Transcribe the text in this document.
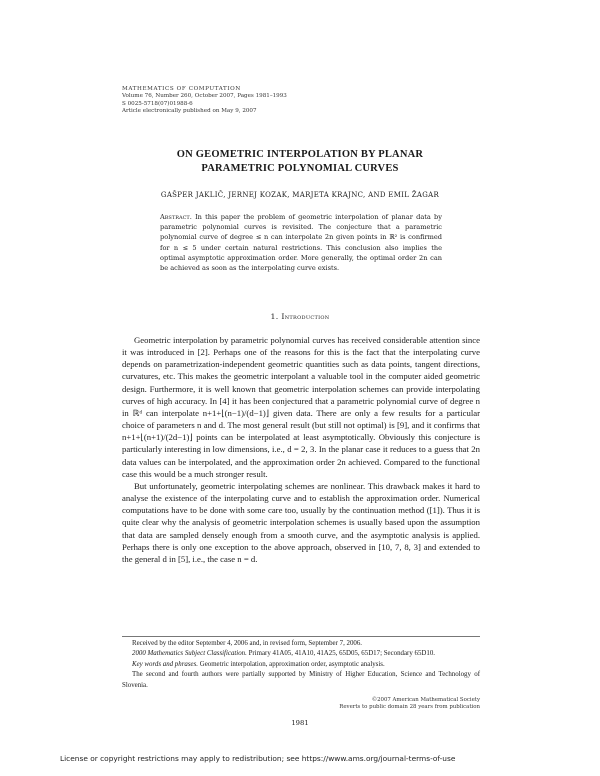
MATHEMATICS OF COMPUTATION
Volume 76, Number 260, October 2007, Pages 1981–1993
S 0025-5718(07)01988-6
Article electronically published on May 9, 2007
ON GEOMETRIC INTERPOLATION BY PLANAR
PARAMETRIC POLYNOMIAL CURVES
GAŠPER JAKLIČ, JERNEJ KOZAK, MARJETA KRAJNC, AND EMIL ŽAGAR
Abstract. In this paper the problem of geometric interpolation of planar data by parametric polynomial curves is revisited. The conjecture that a parametric polynomial curve of degree ≤ n can interpolate 2n given points in ℝ² is confirmed for n ≤ 5 under certain natural restrictions. This conclusion also implies the optimal asymptotic approximation order. More generally, the optimal order 2n can be achieved as soon as the interpolating curve exists.
1. Introduction

Geometric interpolation by parametric polynomial curves has received considerable attention since it was introduced in [2]. Perhaps one of the reasons for this is the fact that the interpolating curve depends on parametrization-independent geometric quantities such as data points, tangent directions, curvatures, etc. This makes the geometric interpolant a valuable tool in the computer aided geometric design. Furthermore, it is well known that geometric interpolation schemes can provide interpolating curves of high accuracy. In [4] it has been conjectured that a parametric polynomial curve of degree n in ℝᵈ can interpolate n+1+⌊(n−1)/(d−1)⌋ given data. There are only a few results for a particular choice of parameters n and d. The most general result (but still not optimal) is [9], and it confirms that n+1+⌊(n+1)/(2d−1)⌋ points can be interpolated at least asymptotically. Obviously this conjecture is particularly interesting in low dimensions, i.e., d = 2, 3. In the planar case it reduces to a guess that 2n data values can be interpolated, and the approximation order 2n achieved. Compared to the functional case this would be a much stronger result.

But unfortunately, geometric interpolating schemes are nonlinear. This drawback makes it hard to analyse the existence of the interpolating curve and to establish the approximation order. Numerical computations have to be done with some care too, usually by the continuation method ([1]). Thus it is quite clear why the analysis of geometric interpolation schemes is usually based upon the assumption that data are sampled densely enough from a smooth curve, and the asymptotic analysis is applied. Perhaps there is only one exception to the above approach, observed in [10, 7, 8, 3] and extended to the general d in [5], i.e., the case n = d.

Received by the editor September 4, 2006 and, in revised form, September 7, 2006.

2000 Mathematics Subject Classification. Primary 41A05, 41A10, 41A25, 65D05, 65D17; Secondary 65D10.

Key words and phrases. Geometric interpolation, approximation order, asymptotic analysis.

The second and fourth authors were partially supported by Ministry of Higher Education, Science and Technology of Slovenia.

©2007 American Mathematical Society
Reverts to public domain 28 years from publication
1981
License or copyright restrictions may apply to redistribution; see https://www.ams.org/journal-terms-of-use
